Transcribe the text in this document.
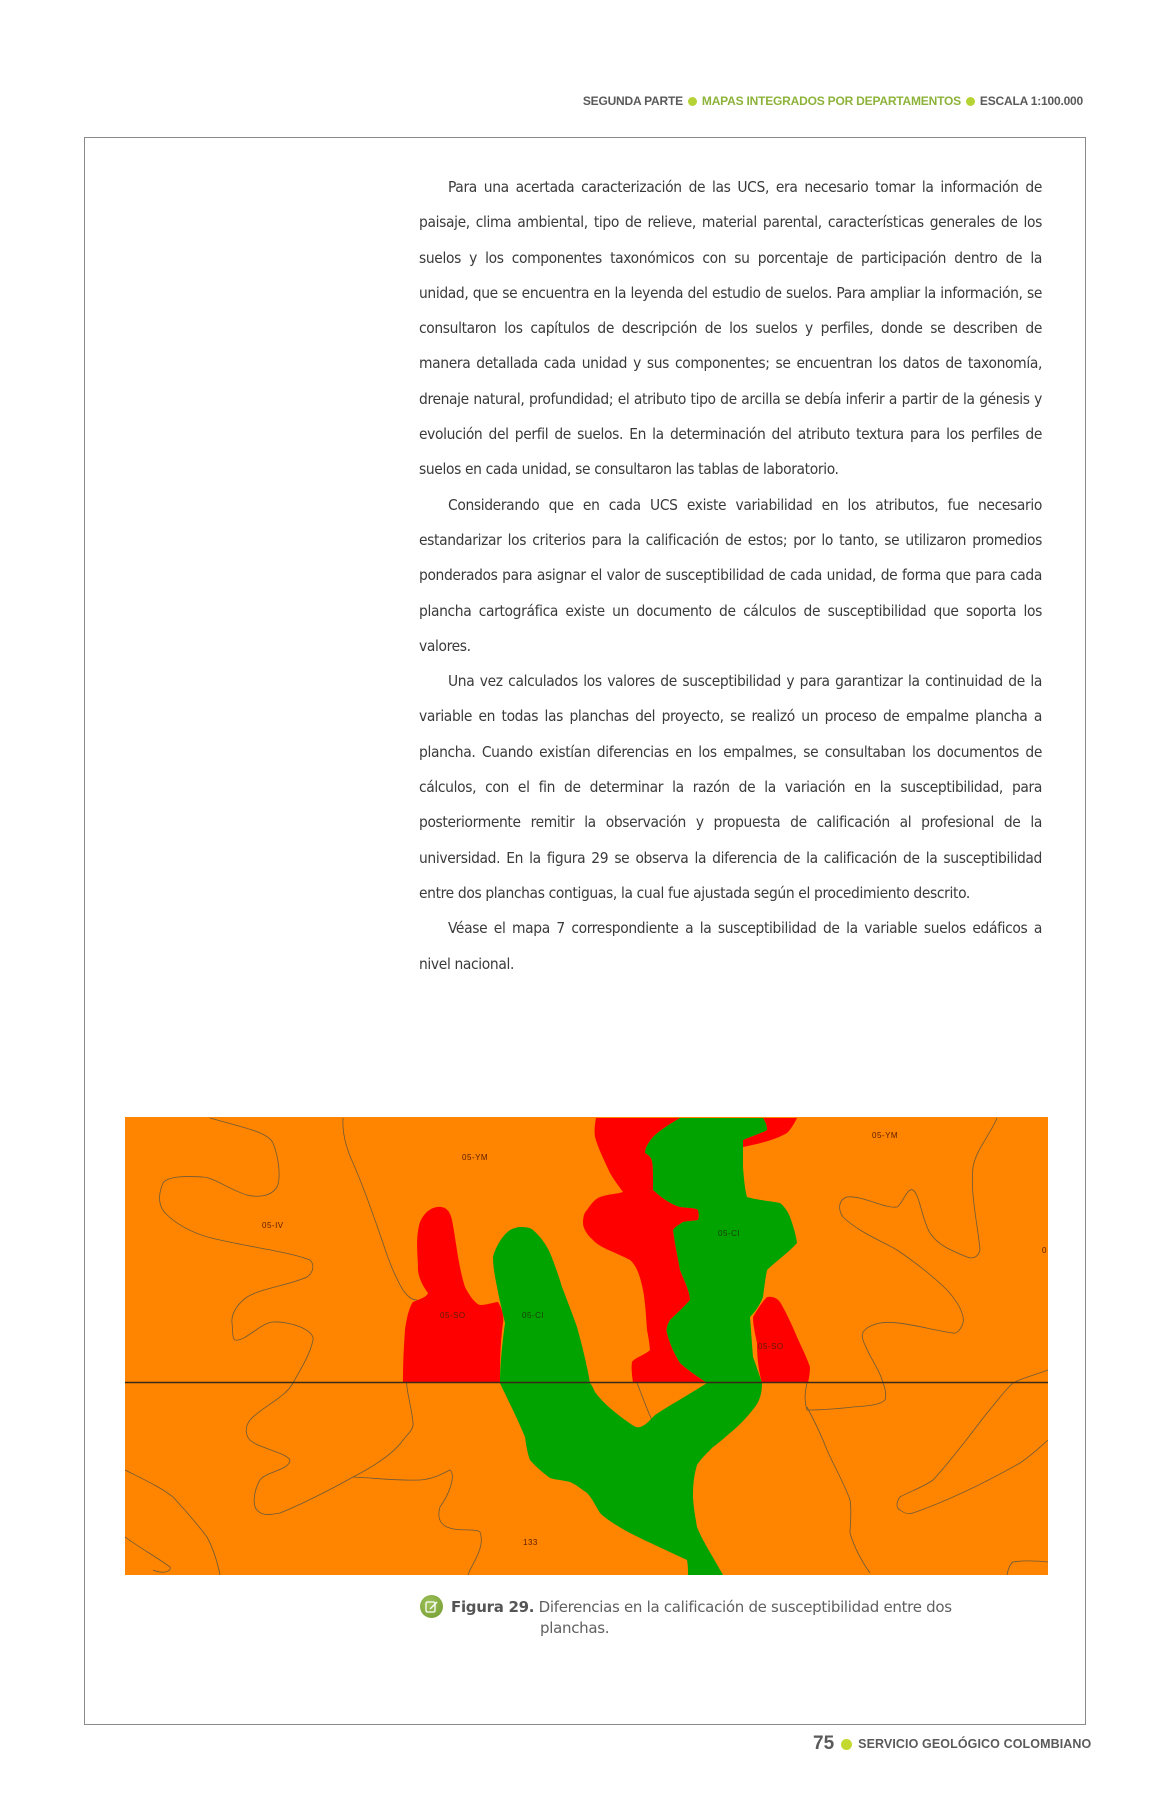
SEGUNDA PARTE MAPAS INTEGRADOS POR DEPARTAMENTOS ESCALA 1:100.000

Para una acertada caracterización de las UCS, era necesario tomar la información de paisaje, clima ambiental, tipo de relieve, material parental, características generales de los suelos y los componentes taxonómicos con su porcentaje de participación dentro de la unidad, que se encuentra en la leyenda del estudio de suelos. Para ampliar la información, se consultaron los capítulos de descripción de los suelos y perfiles, donde se describen de manera detallada cada unidad y sus componentes; se encuentran los datos de taxonomía, drenaje natural, profundidad; el atributo tipo de arcilla se debía inferir a partir de la génesis y evolución del perfil de suelos. En la determinación del atributo textura para los perfiles de suelos en cada unidad, se consultaron las tablas de laboratorio.

Considerando que en cada UCS existe variabilidad en los atributos, fue necesario estandarizar los criterios para la calificación de estos; por lo tanto, se utilizaron promedios ponderados para asignar el valor de susceptibilidad de cada unidad, de forma que para cada plancha cartográfica existe un documento de cálculos de susceptibilidad que soporta los valores.

Una vez calculados los valores de susceptibilidad y para garantizar la continuidad de la variable en todas las planchas del proyecto, se realizó un proceso de empalme plancha a plancha. Cuando existían diferencias en los empalmes, se consultaban los documentos de cálculos, con el fin de determinar la razón de la variación en la susceptibilidad, para posteriormente remitir la observación y propuesta de calificación al profesional de la universidad. En la figura 29 se observa la diferencia de la calificación de la susceptibilidad entre dos planchas contiguas, la cual fue ajustada según el procedimiento descrito.

Véase el mapa 7 correspondiente a la susceptibilidad de la variable suelos edáficos a nivel nacional.

05-IV
05-YM
05-SO	05-CI
05-CI
05-YM
05-SO
0
133
Figura 29. Diferencias en la calificación de susceptibilidad entre dos
planchas.
75 SERVICIO GEOLÓGICO COLOMBIANO
